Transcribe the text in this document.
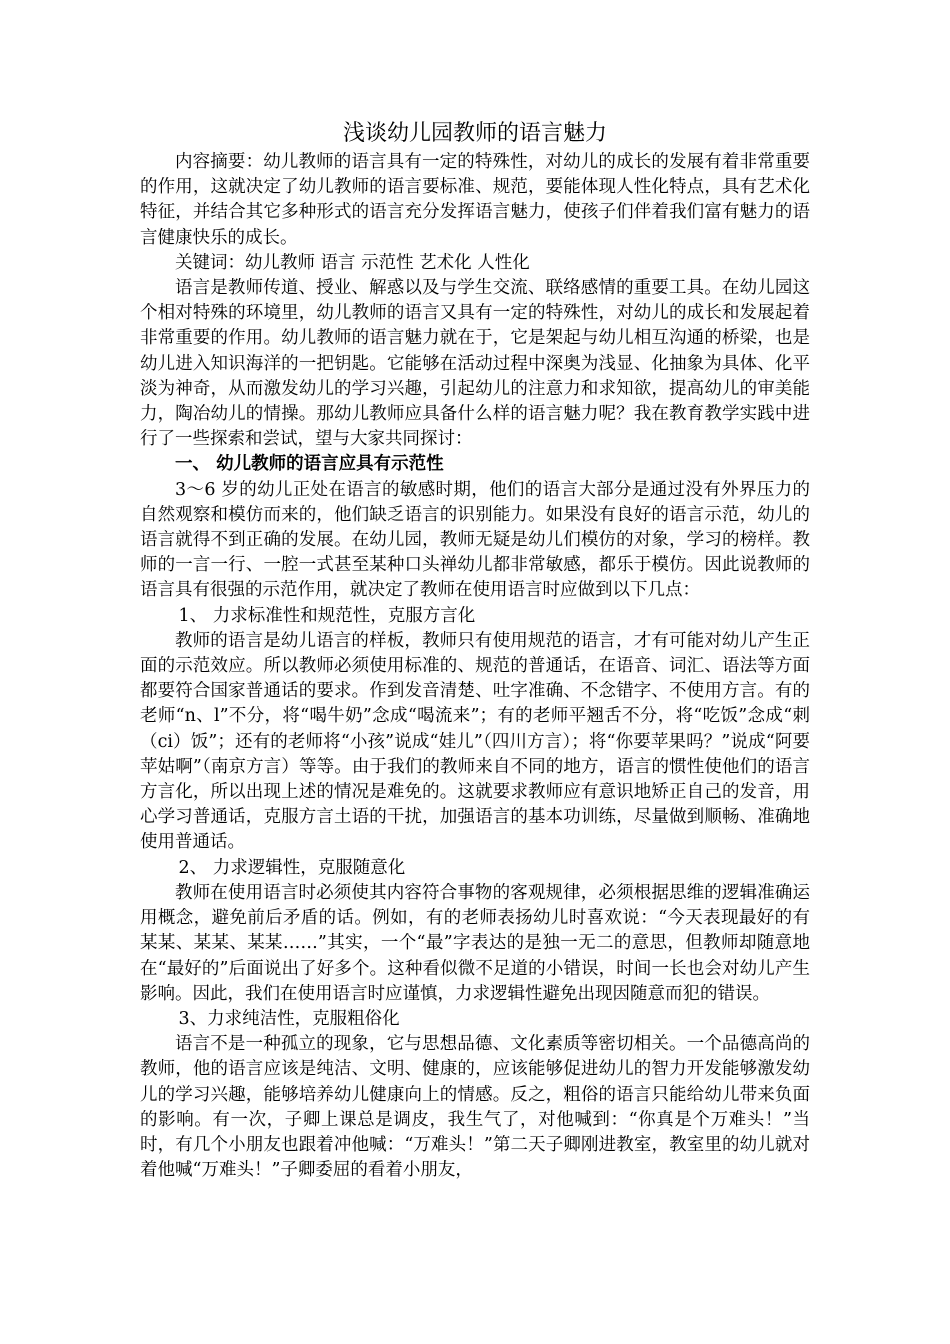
浅谈幼儿园教师的语言魅力

内容摘要：幼儿教师的语言具有一定的特殊性，对幼儿的成长的发展有着非常重要的作用，这就决定了幼儿教师的语言要标准、规范，要能体现人性化特点，具有艺术化特征，并结合其它多种形式的语言充分发挥语言魅力，使孩子们伴着我们富有魅力的语言健康快乐的成长。

关键词：幼儿教师 语言 示范性 艺术化 人性化

语言是教师传道、授业、解惑以及与学生交流、联络感情的重要工具。在幼儿园这个相对特殊的环境里，幼儿教师的语言又具有一定的特殊性，对幼儿的成长和发展起着非常重要的作用。幼儿教师的语言魅力就在于，它是架起与幼儿相互沟通的桥梁，也是幼儿进入知识海洋的一把钥匙。它能够在活动过程中深奥为浅显、化抽象为具体、化平淡为神奇，从而激发幼儿的学习兴趣，引起幼儿的注意力和求知欲，提高幼儿的审美能力，陶冶幼儿的情操。那幼儿教师应具备什么样的语言魅力呢？我在教育教学实践中进行了一些探索和尝试，望与大家共同探讨：

一、 幼儿教师的语言应具有示范性

3～6 岁的幼儿正处在语言的敏感时期，他们的语言大部分是通过没有外界压力的自然观察和模仿而来的，他们缺乏语言的识别能力。如果没有良好的语言示范，幼儿的语言就得不到正确的发展。在幼儿园，教师无疑是幼儿们模仿的对象，学习的榜样。教师的一言一行、一腔一式甚至某种口头禅幼儿都非常敏感，都乐于模仿。因此说教师的语言具有很强的示范作用，就决定了教师在使用语言时应做到以下几点：

1、 力求标准性和规范性，克服方言化

教师的语言是幼儿语言的样板，教师只有使用规范的语言，才有可能对幼儿产生正面的示范效应。所以教师必须使用标准的、规范的普通话，在语音、词汇、语法等方面都要符合国家普通话的要求。作到发音清楚、吐字准确、不念错字、不使用方言。有的老师“n、l”不分，将“喝牛奶”念成“喝流来”；有的老师平翘舌不分，将“吃饭”念成“刺（ci）饭”；还有的老师将“小孩”说成“娃儿”（四川方言）；将“你要苹果吗？”说成“阿要苹姑啊”（南京方言）等等。由于我们的教师来自不同的地方，语言的惯性使他们的语言方言化，所以出现上述的情况是难免的。这就要求教师应有意识地矫正自己的发音，用心学习普通话，克服方言土语的干扰，加强语言的基本功训练，尽量做到顺畅、准确地使用普通话。

2、 力求逻辑性，克服随意化

教师在使用语言时必须使其内容符合事物的客观规律，必须根据思维的逻辑准确运用概念，避免前后矛盾的话。例如，有的老师表扬幼儿时喜欢说：“今天表现最好的有某某、某某、某某……”其实，一个“最”字表达的是独一无二的意思，但教师却随意地在“最好的”后面说出了好多个。这种看似微不足道的小错误，时间一长也会对幼儿产生影响。因此，我们在使用语言时应谨慎，力求逻辑性避免出现因随意而犯的错误。

3、力求纯洁性，克服粗俗化

语言不是一种孤立的现象，它与思想品德、文化素质等密切相关。一个品德高尚的教师，他的语言应该是纯洁、文明、健康的，应该能够促进幼儿的智力开发能够激发幼儿的学习兴趣，能够培养幼儿健康向上的情感。反之，粗俗的语言只能给幼儿带来负面的影响。有一次，子卿上课总是调皮，我生气了，对他喊到：“你真是个万难头！”当时，有几个小朋友也跟着冲他喊：“万难头！”第二天子卿刚进教室，教室里的幼儿就对着他喊“万难头！”子卿委屈的看着小朋友，
